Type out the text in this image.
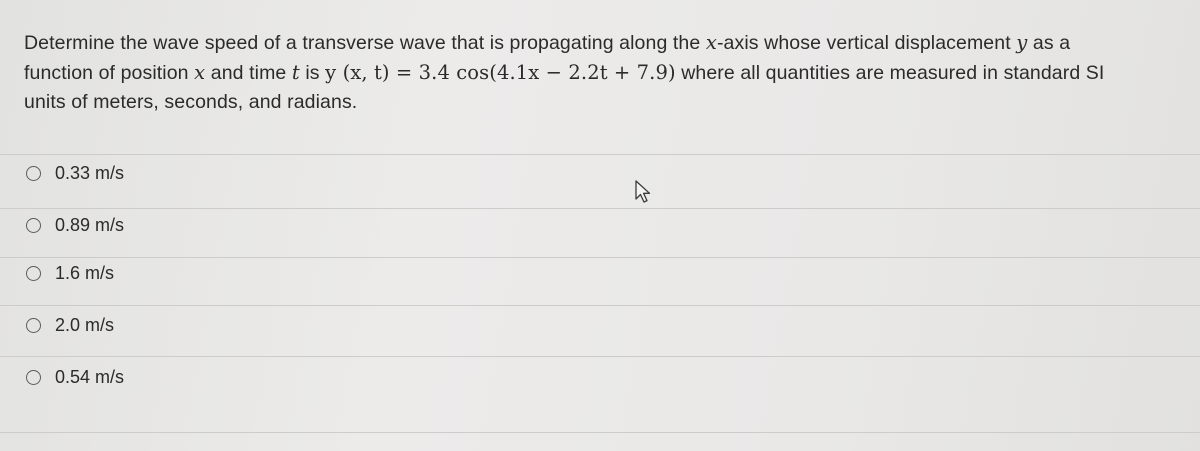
Determine the wave speed of a transverse wave that is propagating along the x-axis whose vertical displacement y as a
function of position x and time t is y (x, t) = 3.4 cos(4.1x − 2.2t + 7.9) where all quantities are measured in standard SI
units of meters, seconds, and radians.
0.33 m/s
0.89 m/s
1.6 m/s
2.0 m/s
0.54 m/s
